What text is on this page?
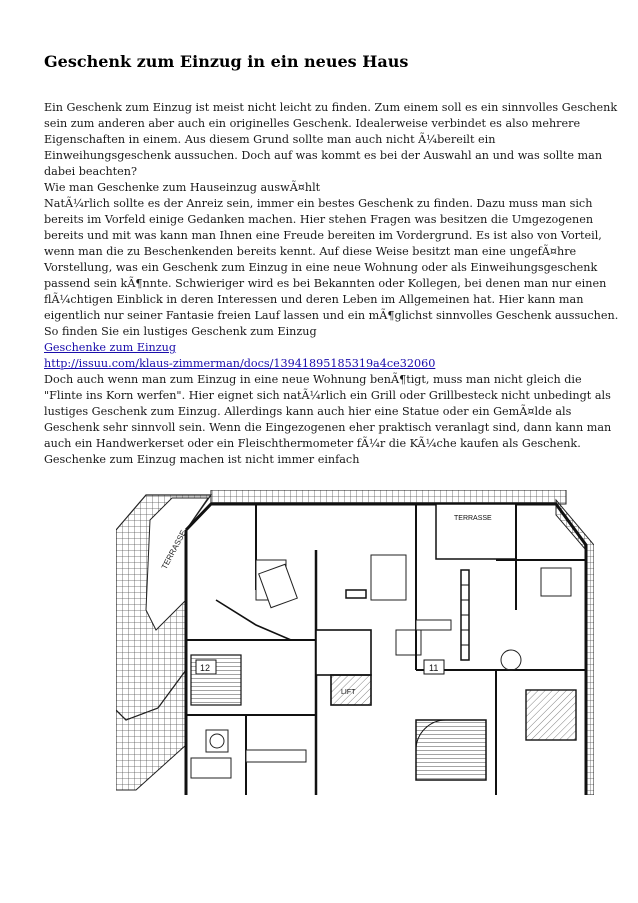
Geschenk zum Einzug in ein neues Haus
Ein Geschenk zum Einzug ist meist nicht leicht zu finden. Zum einem soll es ein sinnvolles Geschenk
sein zum anderen aber auch ein originelles Geschenk. Idealerweise verbindet es also mehrere
Eigenschaften in einem. Aus diesem Grund sollte man auch nicht Ã¼bereilt ein
Einweihungsgeschenk aussuchen. Doch auf was kommt es bei der Auswahl an und was sollte man
dabei beachten?
Wie man Geschenke zum Hauseinzug auswÃ¤hlt
NatÃ¼rlich sollte es der Anreiz sein, immer ein bestes Geschenk zu finden. Dazu muss man sich
bereits im Vorfeld einige Gedanken machen. Hier stehen Fragen was besitzen die Umgezogenen
bereits und mit was kann man Ihnen eine Freude bereiten im Vordergrund. Es ist also von Vorteil,
wenn man die zu Beschenkenden bereits kennt. Auf diese Weise besitzt man eine ungefÃ¤hre
Vorstellung, was ein Geschenk zum Einzug in eine neue Wohnung oder als Einweihungsgeschenk
passend sein kÃ¶nnte. Schwieriger wird es bei Bekannten oder Kollegen, bei denen man nur einen
flÃ¼chtigen Einblick in deren Interessen und deren Leben im Allgemeinen hat. Hier kann man
eigentlich nur seiner Fantasie freien Lauf lassen und ein mÃ¶glichst sinnvolles Geschenk aussuchen.
So finden Sie ein lustiges Geschenk zum Einzug
Geschenke zum Einzug
http://issuu.com/klaus-zimmerman/docs/13941895185319a4ce32060
Doch auch wenn man zum Einzug in eine neue Wohnung benÃ¶tigt, muss man nicht gleich die
"Flinte ins Korn werfen". Hier eignet sich natÃ¼rlich ein Grill oder Grillbesteck nicht unbedingt als
lustiges Geschenk zum Einzug. Allerdings kann auch hier eine Statue oder ein GemÃ¤lde als
Geschenk sehr sinnvoll sein. Wenn die Eingezogenen eher praktisch veranlagt sind, dann kann man
auch ein Handwerkerset oder ein Fleischthermometer fÃ¼r die KÃ¼che kaufen als Geschenk.
Geschenke zum Einzug machen ist nicht immer einfach
TERRASSE
LIFT
TERRASSE
12	11
